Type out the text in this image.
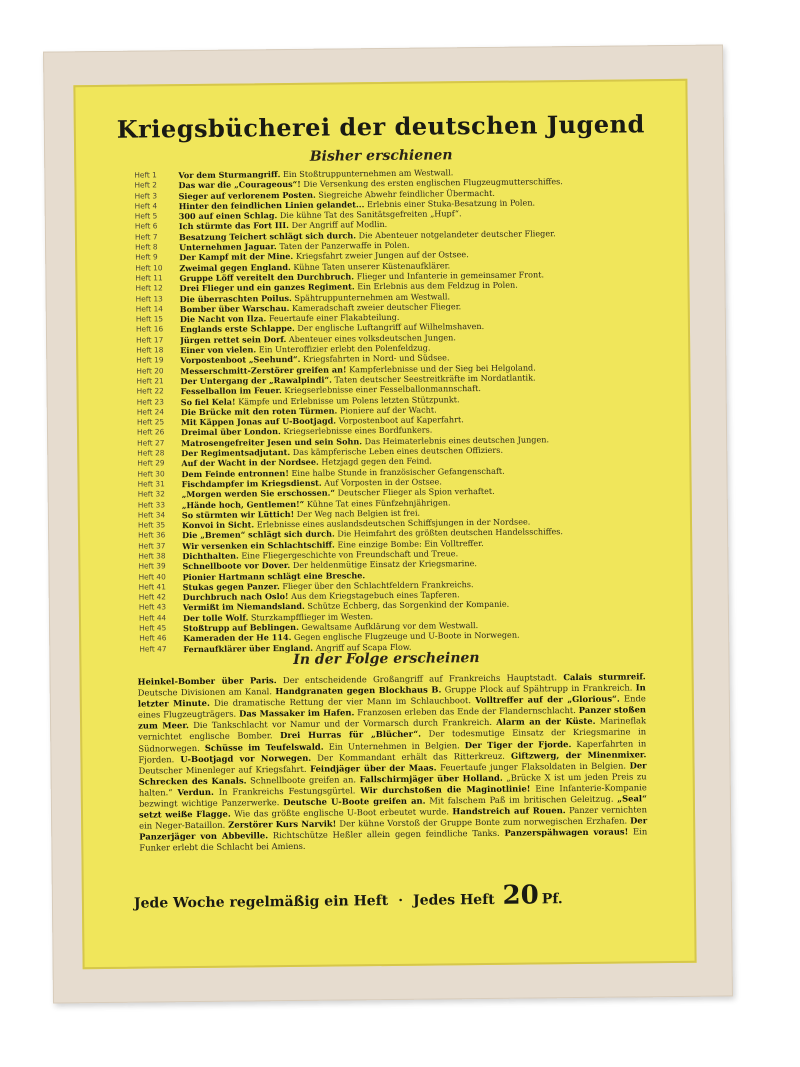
Kriegsbücherei der deutschen Jugend
Bisher erschienen
Heft 1	Vor dem Sturmangriff. Ein Stoßtruppunternehmen am Westwall.
Heft 2	Das war die „Courageous“! Die Versenkung des ersten englischen Flugzeugmutterschiffes.
Heft 3	Sieger auf verlorenem Posten. Siegreiche Abwehr feindlicher Übermacht.
Heft 4	Hinter den feindlichen Linien gelandet... Erlebnis einer Stuka-Besatzung in Polen.
Heft 5	300 auf einen Schlag. Die kühne Tat des Sanitätsgefreiten „Hupf“.
Heft 6	Ich stürmte das Fort III. Der Angriff auf Modlin.
Heft 7	Besatzung Teichert schlägt sich durch. Die Abenteuer notgelandeter deutscher Flieger.
Heft 8	Unternehmen Jaguar. Taten der Panzerwaffe in Polen.
Heft 9	Der Kampf mit der Mine. Kriegsfahrt zweier Jungen auf der Ostsee.
Heft 10	Zweimal gegen England. Kühne Taten unserer Küstenaufklärer.
Heft 11	Gruppe Löff vereitelt den Durchbruch. Flieger und Infanterie in gemeinsamer Front.
Heft 12	Drei Flieger und ein ganzes Regiment. Ein Erlebnis aus dem Feldzug in Polen.
Heft 13	Die überraschten Poilus. Spähtruppunternehmen am Westwall.
Heft 14	Bomber über Warschau. Kameradschaft zweier deutscher Flieger.
Heft 15	Die Nacht von Ilza. Feuertaufe einer Flakabteilung.
Heft 16	Englands erste Schlappe. Der englische Luftangriff auf Wilhelmshaven.
Heft 17	Jürgen rettet sein Dorf. Abenteuer eines volksdeutschen Jungen.
Heft 18	Einer von vielen. Ein Unteroffizier erlebt den Polenfeldzug.
Heft 19	Vorpostenboot „Seehund“. Kriegsfahrten in Nord- und Südsee.
Heft 20	Messerschmitt-Zerstörer greifen an! Kampferlebnisse und der Sieg bei Helgoland.
Heft 21	Der Untergang der „Rawalpindi“. Taten deutscher Seestreitkräfte im Nordatlantik.
Heft 22	Fesselballon im Feuer. Kriegserlebnisse einer Fesselballonmannschaft.
Heft 23	So fiel Kela! Kämpfe und Erlebnisse um Polens letzten Stützpunkt.
Heft 24	Die Brücke mit den roten Türmen. Pioniere auf der Wacht.
Heft 25	Mit Käppen Jonas auf U-Bootjagd. Vorpostenboot auf Kaperfahrt.
Heft 26	Dreimal über London. Kriegserlebnisse eines Bordfunkers.
Heft 27	Matrosengefreiter Jesen und sein Sohn. Das Heimaterlebnis eines deutschen Jungen.
Heft 28	Der Regimentsadjutant. Das kämpferische Leben eines deutschen Offiziers.
Heft 29	Auf der Wacht in der Nordsee. Hetzjagd gegen den Feind.
Heft 30	Dem Feinde entronnen! Eine halbe Stunde in französischer Gefangenschaft.
Heft 31	Fischdampfer im Kriegsdienst. Auf Vorposten in der Ostsee.
Heft 32	„Morgen werden Sie erschossen.“ Deutscher Flieger als Spion verhaftet.
Heft 33	„Hände hoch, Gentlemen!“ Kühne Tat eines Fünfzehnjährigen.
Heft 34	So stürmten wir Lüttich! Der Weg nach Belgien ist frei.
Heft 35	Konvoi in Sicht. Erlebnisse eines auslandsdeutschen Schiffsjungen in der Nordsee.
Heft 36	Die „Bremen“ schlägt sich durch. Die Heimfahrt des größten deutschen Handelsschiffes.
Heft 37	Wir versenken ein Schlachtschiff. Eine einzige Bombe: Ein Volltreffer.
Heft 38	Dichthalten. Eine Fliegergeschichte von Freundschaft und Treue.
Heft 39	Schnellboote vor Dover. Der heldenmütige Einsatz der Kriegsmarine.
Heft 40	Pionier Hartmann schlägt eine Bresche.
Heft 41	Stukas gegen Panzer. Flieger über den Schlachtfeldern Frankreichs.
Heft 42	Durchbruch nach Oslo! Aus dem Kriegstagebuch eines Tapferen.
Heft 43	Vermißt im Niemandsland. Schütze Echberg, das Sorgenkind der Kompanie.
Heft 44	Der tolle Wolf. Sturzkampfflieger im Westen.
Heft 45	Stoßtrupp auf Beblingen. Gewaltsame Aufklärung vor dem Westwall.
Heft 46	Kameraden der He 114. Gegen englische Flugzeuge und U-Boote in Norwegen.
Heft 47	Fernaufklärer über England. Angriff auf Scapa Flow.
In der Folge erscheinen
Heinkel-Bomber über Paris. Der entscheidende Großangriff auf Frankreichs Hauptstadt. Calais sturmreif. Deutsche Divisionen am Kanal. Handgranaten gegen Blockhaus B. Gruppe Plock auf Spähtrupp in Frankreich. In letzter Minute. Die dramatische Rettung der vier Mann im Schlauchboot. Volltreffer auf der „Glorious“. Ende eines Flugzeugträgers. Das Massaker im Hafen. Franzosen erleben das Ende der Flandernschlacht. Panzer stoßen zum Meer. Die Tankschlacht vor Namur und der Vormarsch durch Frankreich. Alarm an der Küste. Marineflak vernichtet englische Bomber. Drei Hurras für „Blücher“. Der todesmutige Einsatz der Kriegsmarine in Südnorwegen. Schüsse im Teufelswald. Ein Unternehmen in Belgien. Der Tiger der Fjorde. Kaperfahrten in Fjorden. U-Bootjagd vor Norwegen. Der Kommandant erhält das Ritterkreuz. Giftzwerg, der Minenmixer. Deutscher Minenleger auf Kriegsfahrt. Feindjäger über der Maas. Feuertaufe junger Flaksoldaten in Belgien. Der Schrecken des Kanals. Schnellboote greifen an. Fallschirmjäger über Holland. „Brücke X ist um jeden Preis zu halten.“ Verdun. In Frankreichs Festungsgürtel. Wir durchstoßen die Maginotlinie! Eine Infanterie-Kompanie bezwingt wichtige Panzerwerke. Deutsche U-Boote greifen an. Mit falschem Paß im britischen Geleitzug. „Seal“ setzt weiße Flagge. Wie das größte englische U-Boot erbeutet wurde. Handstreich auf Rouen. Panzer vernichten ein Neger-Bataillon. Zerstörer Kurs Narvik! Der kühne Vorstoß der Gruppe Bonte zum norwegischen Erzhafen. Der Panzerjäger von Abbeville. Richtschütze Heßler allein gegen feindliche Tanks. Panzerspähwagen voraus! Ein Funker erlebt die Schlacht bei Amiens.
Jede Woche regelmäßig ein Heft · Jedes Heft 20 Pf.
